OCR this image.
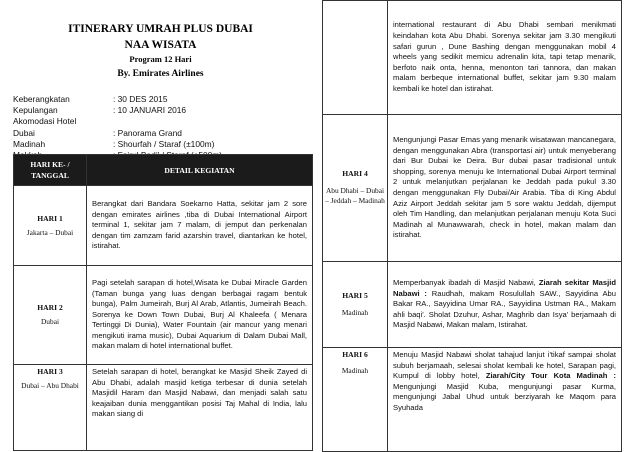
ITINERARY UMRAH PLUS DUBAI
NAA WISATA
Program 12 Hari
By. Emirates Airlines
Keberangkatan	: 30 DES 2015
Kepulangan	: 10 JANUARI 2016
Akomodasi Hotel
Dubai	: Panorama Grand
Madinah	: Shourfah / Staraf (±100m)
HARI KE- / TANGGAL	DETAIL KEGIATAN

HARI 1
Jakarta – Dubai	Berangkat dari Bandara Soekarno Hatta, sekitar jam 2 sore dengan emirates airlines ,tiba di Dubai International Airport terminal 1, sekitar jam 7 malam, di jemput dan perkenalan dengan tim zamzam farid azarshin travel, diantarkan ke hotel, istirahat.

HARI 2
Dubai	Pagi setelah sarapan di hotel,Wisata ke Dubai Miracle Garden (Taman bunga yang luas dengan berbagai ragam bentuk bunga), Palm Jumeirah, Burj Al Arab, Atlantis, Jumeirah Beach. Sorenya ke Down Town Dubai, Burj Al Khaleefa ( Menara Tertinggi Di Dunia), Water Fountain (air mancur yang menari mengikuti irama music), Dubai Aquarium di Dalam Dubai Mall, makan malam di hotel international buffet.

HARI 3
Dubai – Abu Dhabi	Setelah sarapan di hotel, berangkat ke Masjid Sheik Zayed di Abu Dhabi, adalah masjid ketiga terbesar di dunia setelah Masjidil Haram dan Masjid Nabawi, dan menjadi salah satu keajaiban dunia menggantikan posisi Taj Mahal di India, lalu makan siang di
	international restaurant di Abu Dhabi sembari menikmati keindahan kota Abu Dhabi. Sorenya sekitar jam 3.30 mengikuti safari gurun , Dune Bashing dengan menggunakan mobil 4 wheels yang sedikit memicu adrenalin kita, tapi tetap menarik, berfoto naik onta, henna, menonton tari tannora, dan makan malam berbeque international buffet, sekitar jam 9.30 malam kembali ke hotel dan istirahat.

HARI 4
Abu Dhabi – Dubai – Jeddah – Madinah	Mengunjungi Pasar Emas yang menarik wisatawan mancanegara, dengan menggunakan Abra (transportasi air) untuk menyeberang dari Bur Dubai ke Deira. Bur dubai pasar tradisional untuk shopping, sorenya menuju ke International Dubai Airport terminal 2 untuk melanjutkan perjalanan ke Jeddah pada pukul 3.30 dengan menggunakan Fly Dubai/Air Arabia. Tiba di King Abdul Aziz Airport Jeddah sekitar jam 5 sore waktu Jeddah, dijemput oleh Tim Handling, dan melanjutkan perjalanan menuju Kota Suci Madinah al Munawwarah, check in hotel, makan malam dan istirahat.

HARI 5
Madinah	Memperbanyak ibadah di Masjid Nabawi, Ziarah sekitar Masjid Nabawi : Raudhah, makam Rosulullah SAW., Sayyidina Abu Bakar RA., Sayyidina Umar RA., Sayyidina Ustman RA., Makam ahli baqi'. Sholat Dzuhur, Ashar, Maghrib dan Isya' berjamaah di Masjid Nabawi, Makan malam, Istirahat.

HARI 6
Madinah	Menuju Masjid Nabawi sholat tahajud lanjut i'tikaf sampai sholat subuh berjamaah, selesai sholat kembali ke hotel, Sarapan pagi, Kumpul di lobby hotel, Ziarah/City Tour Kota Madinah : Mengunjungi Masjid Kuba, mengunjungi pasar Kurma, mengunjungi Jabal Uhud untuk berziyarah ke Maqom para Syuhada
